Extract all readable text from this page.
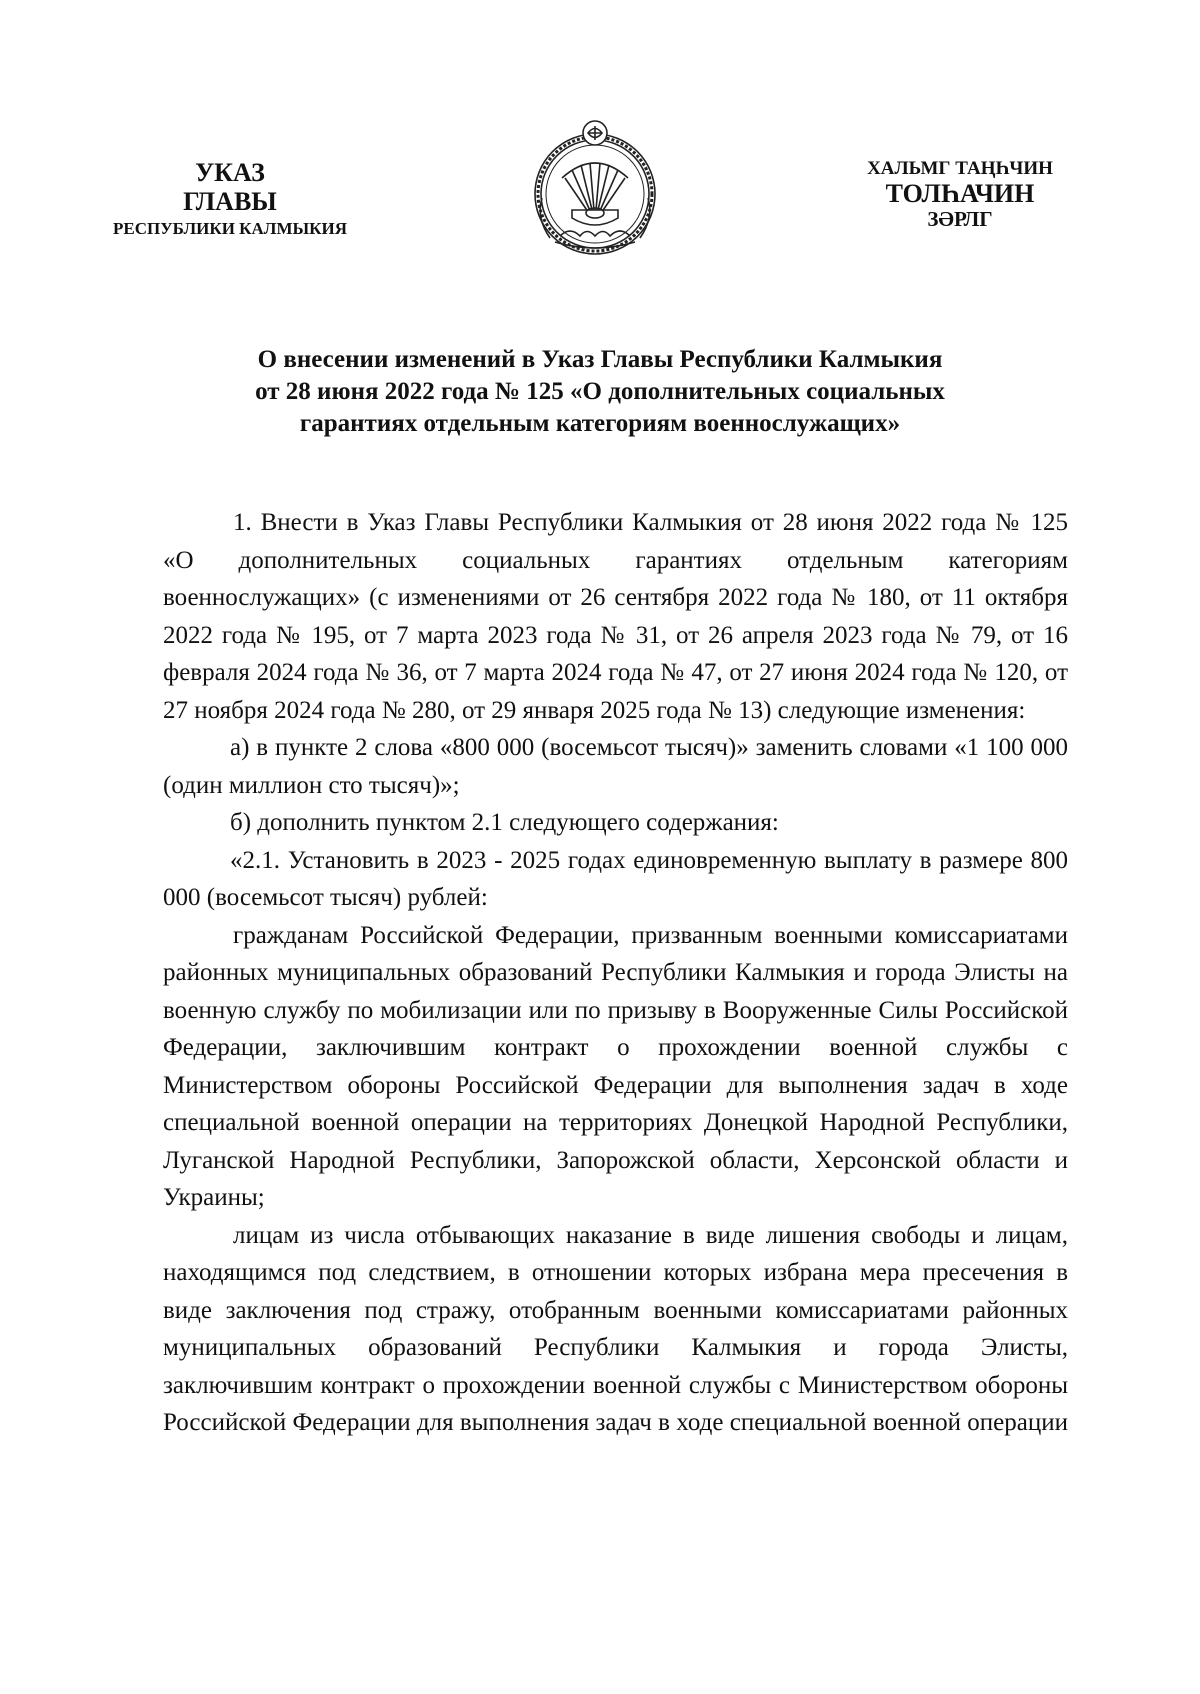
УКАЗ
ГЛАВЫ
РЕСПУБЛИКИ КАЛМЫКИЯ
ХАЛЬМГ ТАҢҺЧИН
ТОЛҺАЧИН
ЗӘРЛГ
О внесении изменений в Указ Главы Республики Калмыкия
от 28 июня 2022 года № 125 «О дополнительных социальных
гарантиях отдельным категориям военнослужащих»

1. Внести в Указ Главы Республики Калмыкия от 28 июня 2022 года № 125 «О дополнительных социальных гарантиях отдельным категориям военнослужащих» (с изменениями от 26 сентября 2022 года № 180, от 11 октября 2022 года № 195, от 7 марта 2023 года № 31, от 26 апреля 2023 года № 79, от 16 февраля 2024 года № 36, от 7 марта 2024 года № 47, от 27 июня 2024 года № 120, от 27 ноября 2024 года № 280, от 29 января 2025 года № 13) следующие изменения:

а) в пункте 2 слова «800 000 (восемьсот тысяч)» заменить словами «1 100 000 (один миллион сто тысяч)»;

б) дополнить пунктом 2.1 следующего содержания:

«2.1. Установить в 2023 - 2025 годах единовременную выплату в размере 800 000 (восемьсот тысяч) рублей:

гражданам Российской Федерации, призванным военными комиссариатами районных муниципальных образований Республики Калмыкия и города Элисты на военную службу по мобилизации или по призыву в Вооруженные Силы Российской Федерации, заключившим контракт о прохождении военной службы с Министерством обороны Российской Федерации для выполнения задач в ходе специальной военной операции на территориях Донецкой Народной Республики, Луганской Народной Республики, Запорожской области, Херсонской области и Украины;

лицам из числа отбывающих наказание в виде лишения свободы и лицам, находящимся под следствием, в отношении которых избрана мера пресечения в виде заключения под стражу, отобранным военными комиссариатами районных муниципальных образований Республики Калмыкия и города Элисты, заключившим контракт о прохождении военной службы с Министерством обороны Российской Федерации для выполнения задач в ходе специальной военной операции
